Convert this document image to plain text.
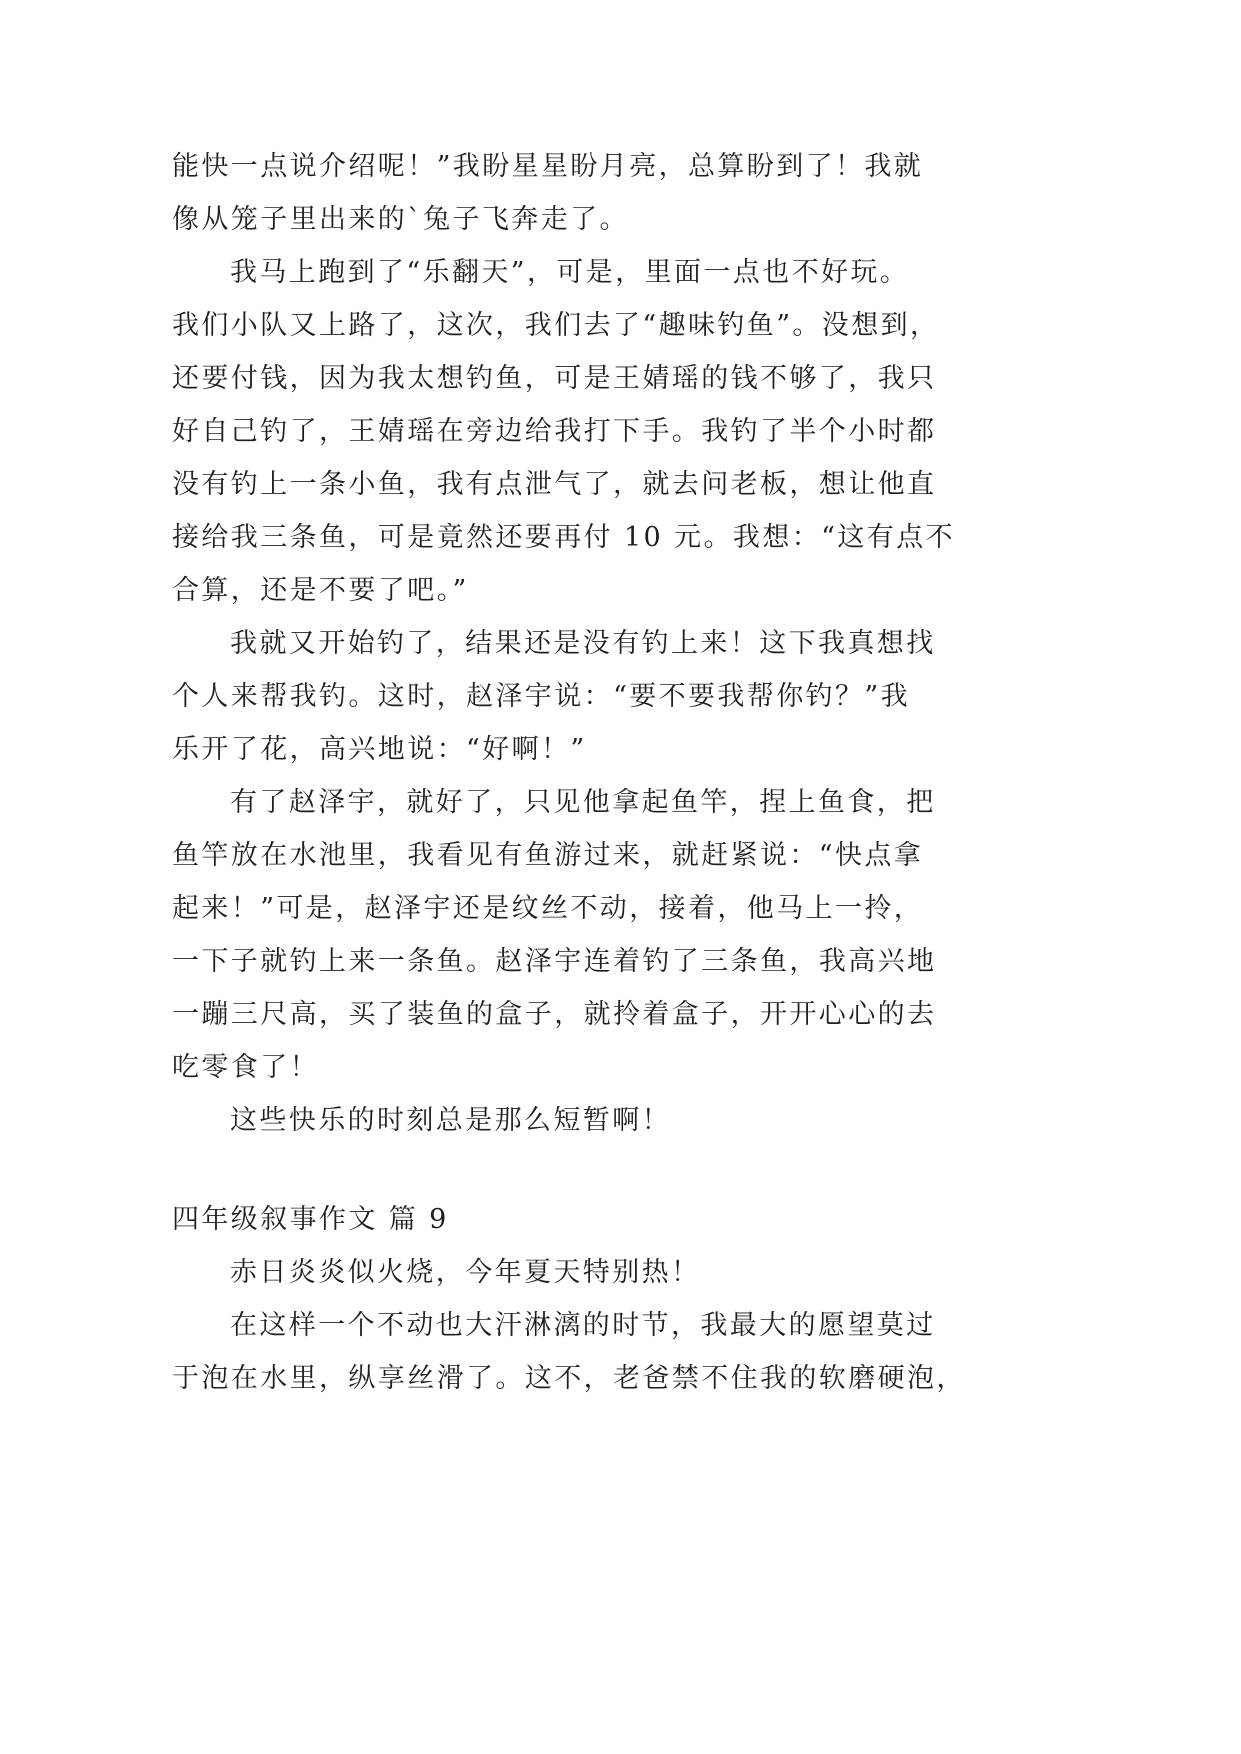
能快一点说介绍呢！”我盼星星盼月亮，总算盼到了！我就
像从笼子里出来的`兔子飞奔走了。
我马上跑到了“乐翻天”，可是，里面一点也不好玩。
我们小队又上路了，这次，我们去了“趣味钓鱼”。没想到，
还要付钱，因为我太想钓鱼，可是王婧瑶的钱不够了，我只
好自己钓了，王婧瑶在旁边给我打下手。我钓了半个小时都
没有钓上一条小鱼，我有点泄气了，就去问老板，想让他直
接给我三条鱼，可是竟然还要再付 10 元。我想：“这有点不
合算，还是不要了吧。”
我就又开始钓了，结果还是没有钓上来！这下我真想找
个人来帮我钓。这时，赵泽宇说：“要不要我帮你钓？”我
乐开了花，高兴地说：“好啊！”
有了赵泽宇，就好了，只见他拿起鱼竿，捏上鱼食，把
鱼竿放在水池里，我看见有鱼游过来，就赶紧说：“快点拿
起来！”可是，赵泽宇还是纹丝不动，接着，他马上一拎，
一下子就钓上来一条鱼。赵泽宇连着钓了三条鱼，我高兴地
一蹦三尺高，买了装鱼的盒子，就拎着盒子，开开心心的去
吃零食了！
这些快乐的时刻总是那么短暂啊！
四年级叙事作文 篇 9
赤日炎炎似火烧，今年夏天特别热！
在这样一个不动也大汗淋漓的时节，我最大的愿望莫过
于泡在水里，纵享丝滑了。这不，老爸禁不住我的软磨硬泡，
